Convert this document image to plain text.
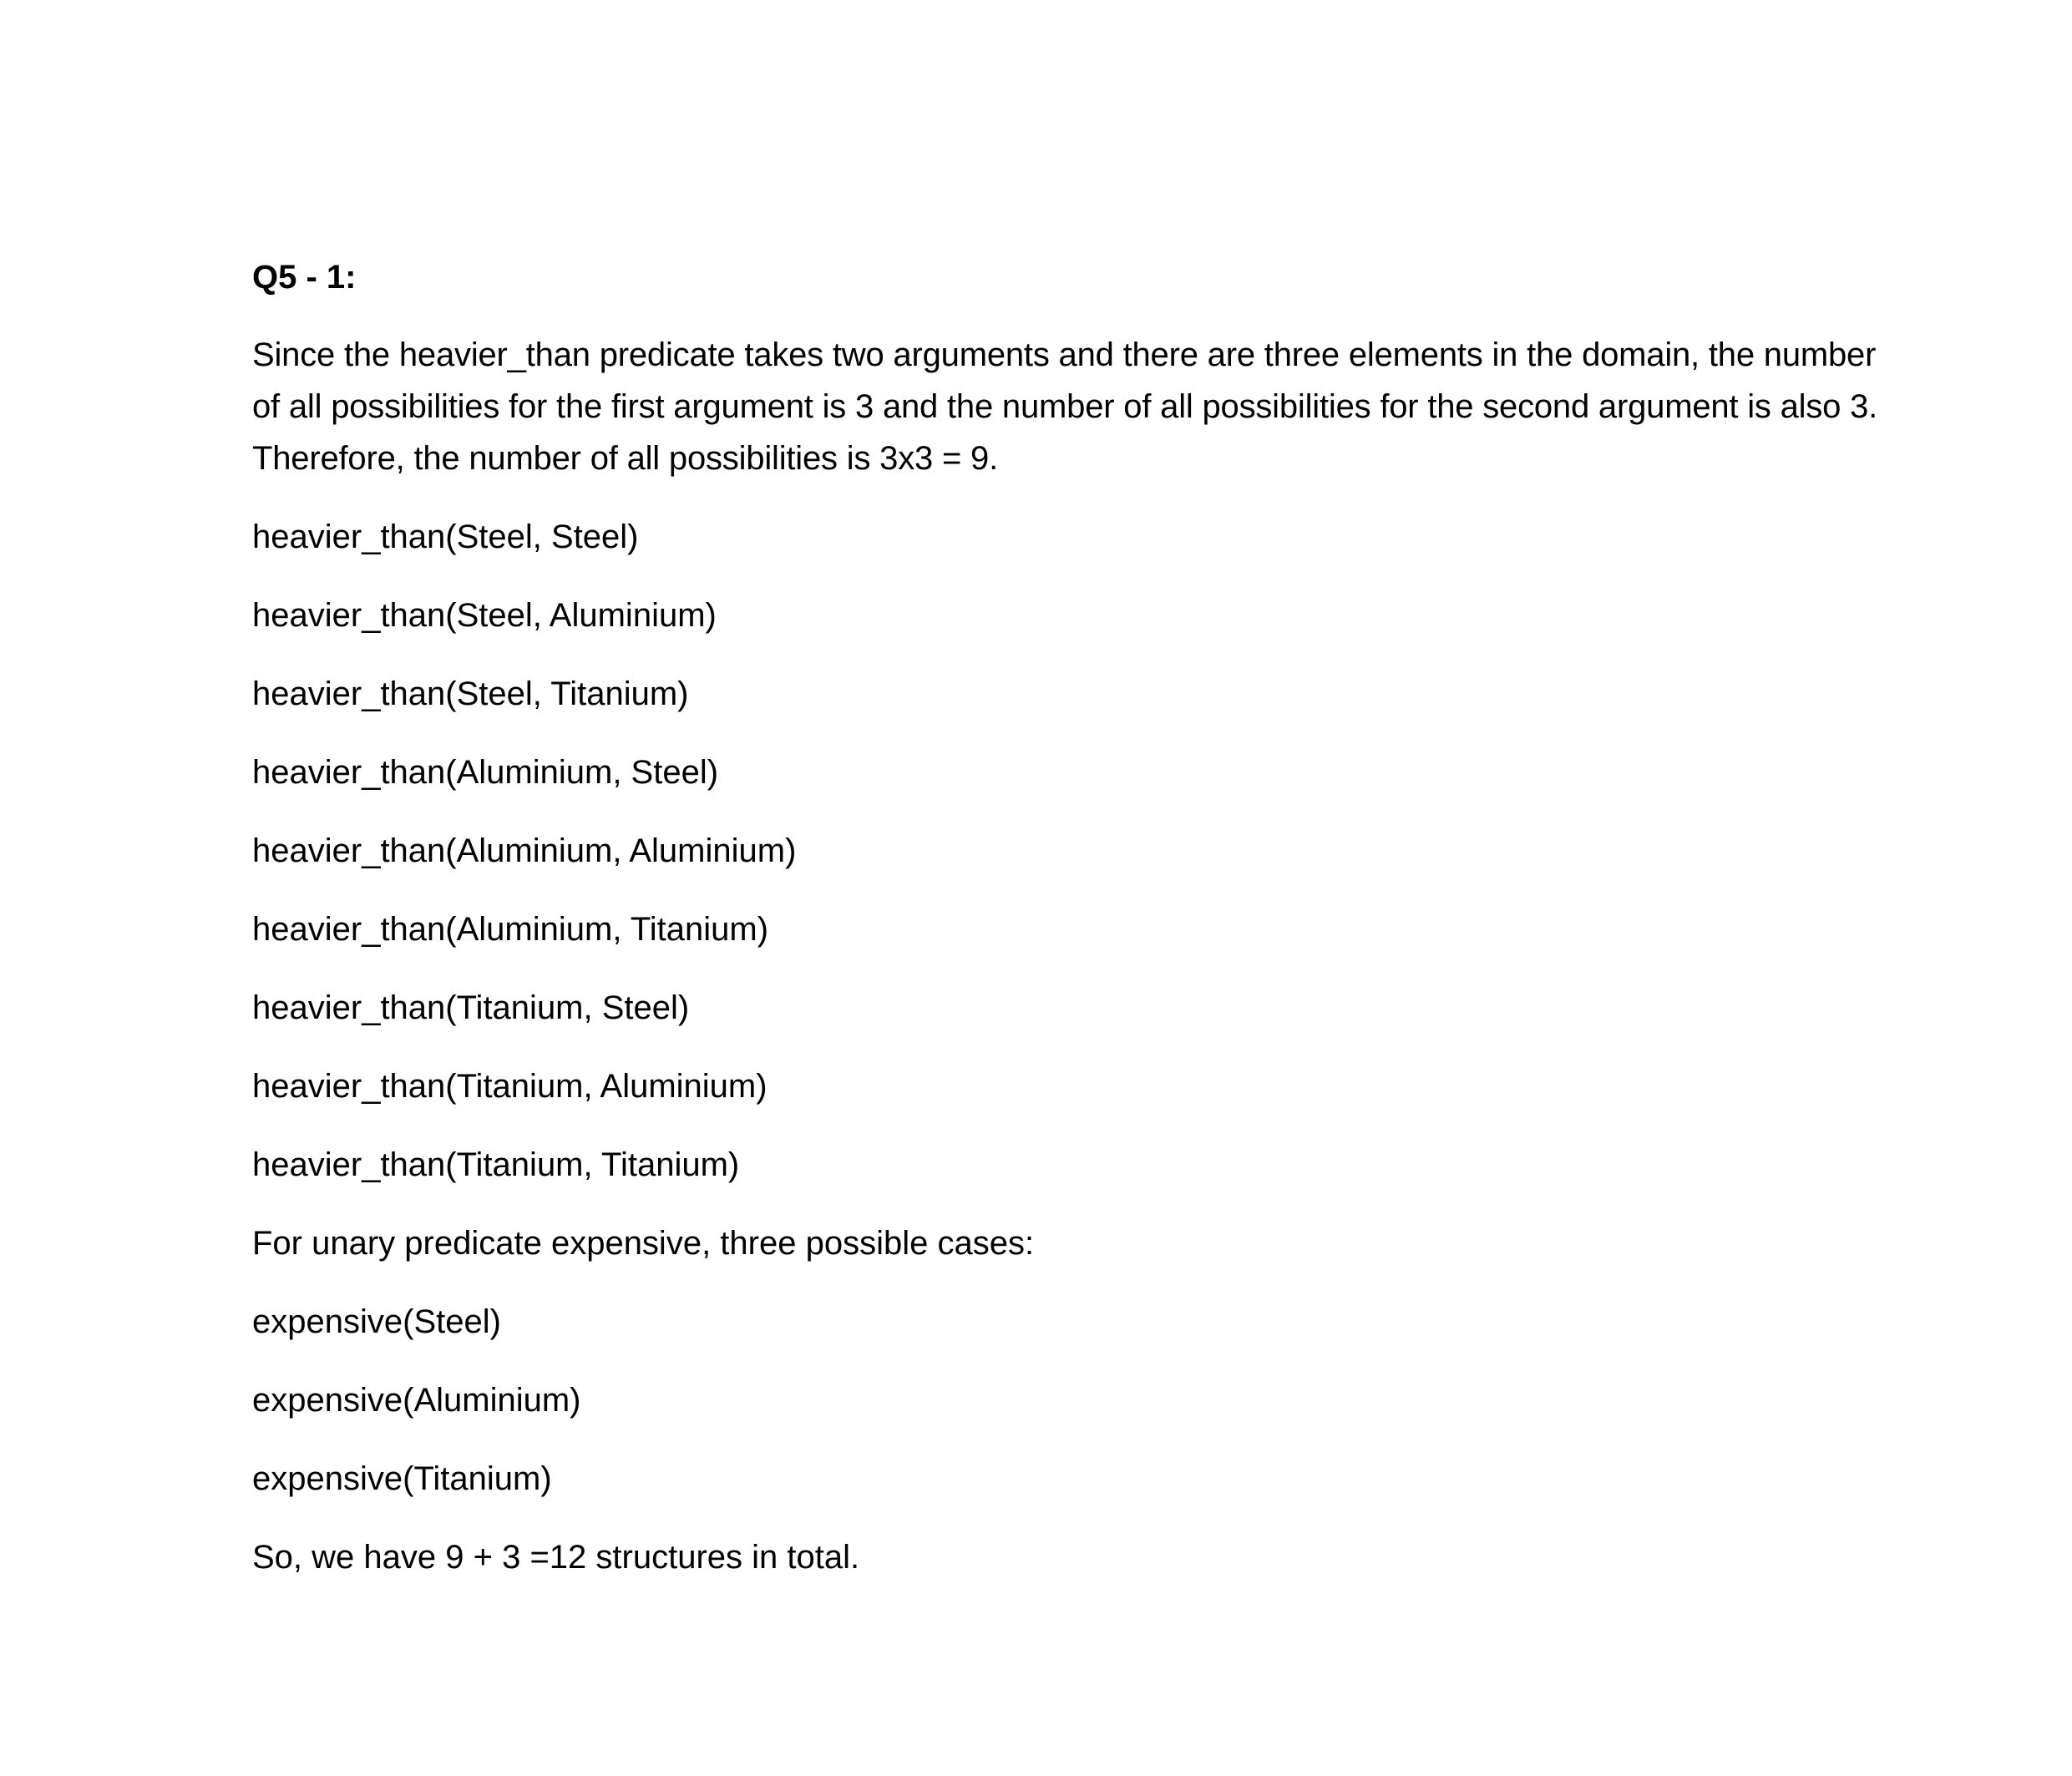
Q5 - 1:
Since the heavier_than predicate takes two arguments and there are three elements in the domain, the number of all possibilities for the first argument is 3 and the number of all possibilities for the second argument is also 3. Therefore, the number of all possibilities is 3x3 = 9.
heavier_than(Steel, Steel)
heavier_than(Steel, Aluminium)
heavier_than(Steel, Titanium)
heavier_than(Aluminium, Steel)
heavier_than(Aluminium, Aluminium)
heavier_than(Aluminium, Titanium)
heavier_than(Titanium, Steel)
heavier_than(Titanium, Aluminium)
heavier_than(Titanium, Titanium)
For unary predicate expensive, three possible cases:
expensive(Steel)
expensive(Aluminium)
expensive(Titanium)
So, we have 9 + 3 =12 structures in total.
